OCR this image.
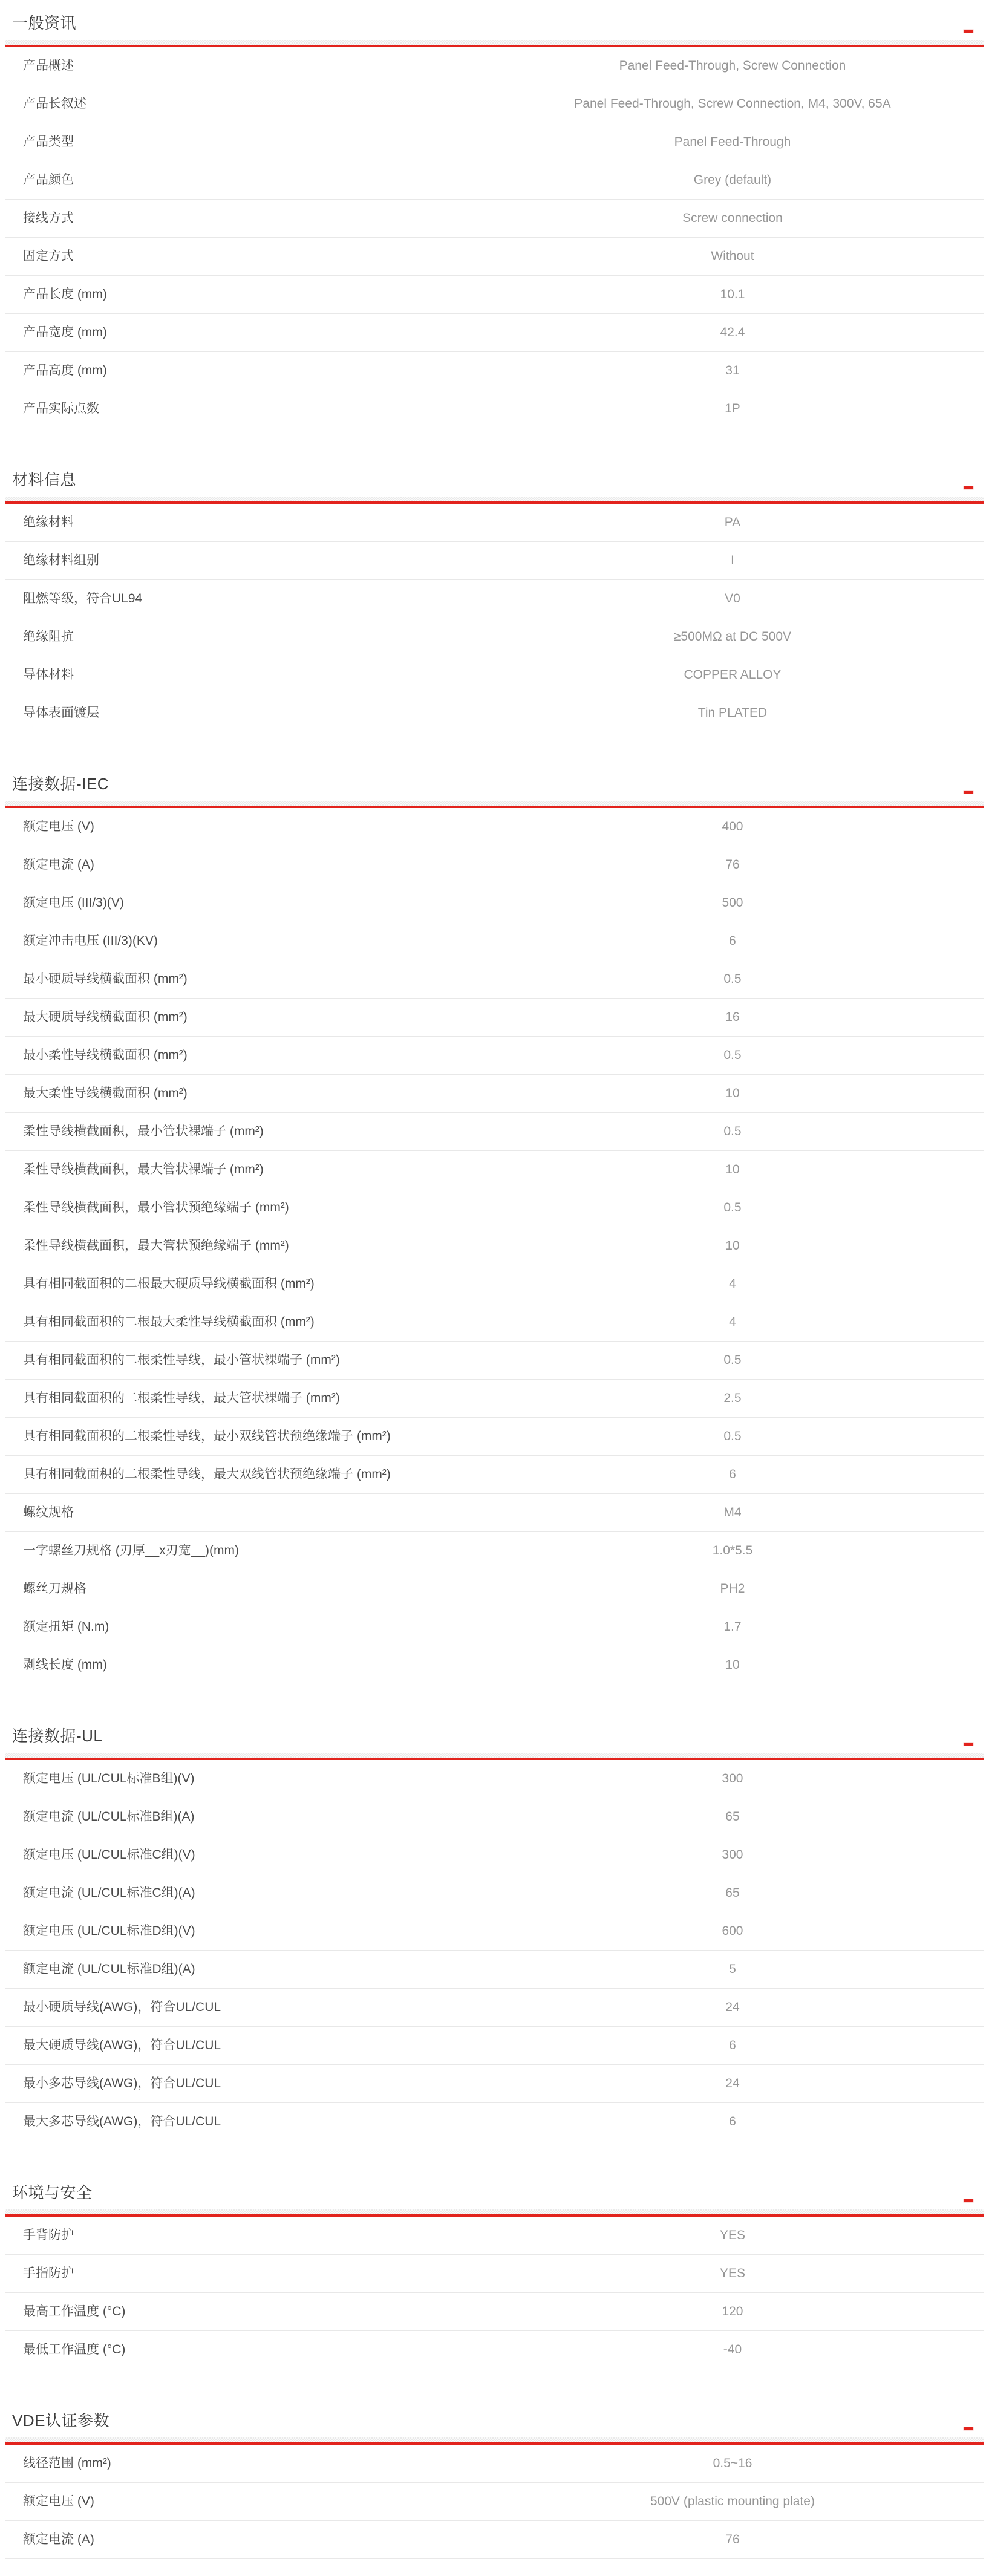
一般资讯
产品概述	Panel Feed-Through, Screw Connection
产品长叙述	Panel Feed-Through, Screw Connection, M4, 300V, 65A
产品类型	Panel Feed-Through
产品颜色	Grey (default)
接线方式	Screw connection
固定方式	Without
产品长度 (mm)	10.1
产品宽度 (mm)	42.4
产品高度 (mm)	31
产品实际点数	1P
材料信息
绝缘材料	PA
绝缘材料组别	I
阻燃等级，符合UL94	V0
绝缘阻抗	≥500MΩ at DC 500V
导体材料	COPPER ALLOY
导体表面镀层	Tin PLATED
连接数据-IEC
额定电压 (V)	400
额定电流 (A)	76
额定电压 (III/3)(V)	500
额定冲击电压 (III/3)(KV)	6
最小硬质导线横截面积 (mm²)	0.5
最大硬质导线横截面积 (mm²)	16
最小柔性导线横截面积 (mm²)	0.5
最大柔性导线横截面积 (mm²)	10
柔性导线横截面积，最小管状裸端子 (mm²)	0.5
柔性导线横截面积，最大管状裸端子 (mm²)	10
柔性导线横截面积，最小管状预绝缘端子 (mm²)	0.5
柔性导线横截面积，最大管状预绝缘端子 (mm²)	10
具有相同截面积的二根最大硬质导线横截面积 (mm²)	4
具有相同截面积的二根最大柔性导线横截面积 (mm²)	4
具有相同截面积的二根柔性导线，最小管状裸端子 (mm²)	0.5
具有相同截面积的二根柔性导线，最大管状裸端子 (mm²)	2.5
具有相同截面积的二根柔性导线，最小双线管状预绝缘端子 (mm²)	0.5
具有相同截面积的二根柔性导线，最大双线管状预绝缘端子 (mm²)	6
螺纹规格	M4
一字螺丝刀规格 (刃厚__x刃宽__)(mm)	1.0*5.5
螺丝刀规格	PH2
额定扭矩 (N.m)	1.7
剥线长度 (mm)	10
连接数据-UL
额定电压 (UL/CUL标准B组)(V)	300
额定电流 (UL/CUL标准B组)(A)	65
额定电压 (UL/CUL标准C组)(V)	300
额定电流 (UL/CUL标准C组)(A)	65
额定电压 (UL/CUL标准D组)(V)	600
额定电流 (UL/CUL标准D组)(A)	5
最小硬质导线(AWG)，符合UL/CUL	24
最大硬质导线(AWG)，符合UL/CUL	6
最小多芯导线(AWG)，符合UL/CUL	24
最大多芯导线(AWG)，符合UL/CUL	6
环境与安全
手背防护	YES
手指防护	YES
最高工作温度 (°C)	120
最低工作温度 (°C)	-40
VDE认证参数
线径范围 (mm²)	0.5~16
额定电压 (V)	500V (plastic mounting plate)
额定电流 (A)	76
